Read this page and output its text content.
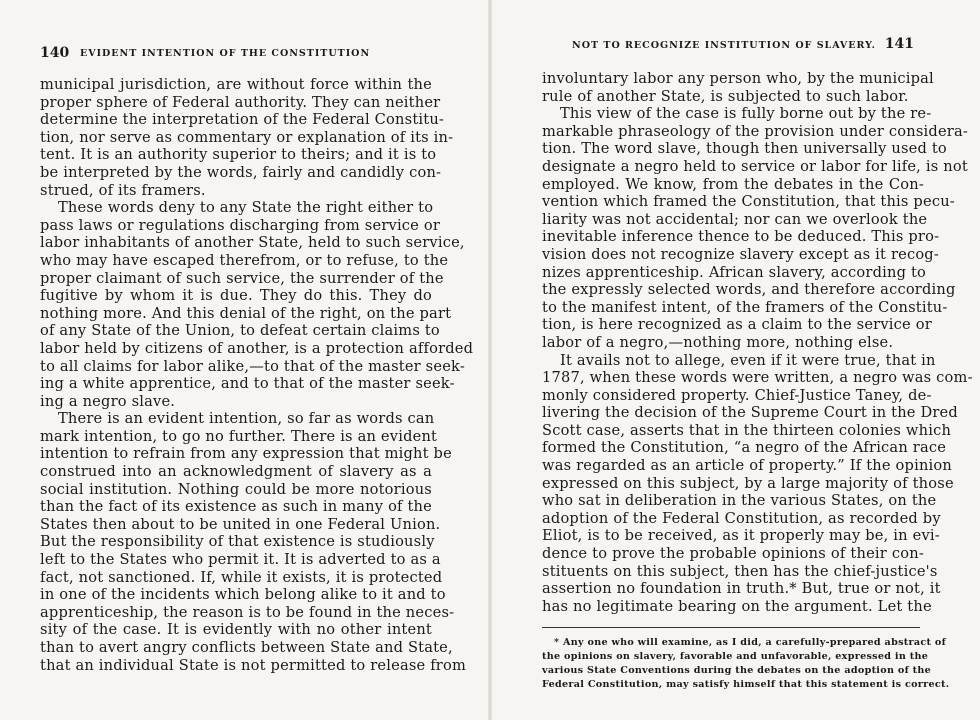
140 EVIDENT INTENTION OF THE CONSTITUTION
municipal jurisdiction, are without force within the
proper sphere of Federal authority. They can neither
determine the interpretation of the Federal Constitu-
tion, nor serve as commentary or explanation of its in-
tent. It is an authority superior to theirs; and it is to
be interpreted by the words, fairly and candidly con-
strued, of its framers.
These words deny to any State the right either to
pass laws or regulations discharging from service or
labor inhabitants of another State, held to such service,
who may have escaped therefrom, or to refuse, to the
proper claimant of such service, the surrender of the
fugitive by whom it is due. They do this. They do
nothing more. And this denial of the right, on the part
of any State of the Union, to defeat certain claims to
labor held by citizens of another, is a protection afforded
to all claims for labor alike,—to that of the master seek-
ing a white apprentice, and to that of the master seek-
ing a negro slave.
There is an evident intention, so far as words can
mark intention, to go no further. There is an evident
intention to refrain from any expression that might be
construed into an acknowledgment of slavery as a
social institution. Nothing could be more notorious
than the fact of its existence as such in many of the
States then about to be united in one Federal Union.
But the responsibility of that existence is studiously
left to the States who permit it. It is adverted to as a
fact, not sanctioned. If, while it exists, it is protected
in one of the incidents which belong alike to it and to
apprenticeship, the reason is to be found in the neces-
sity of the case. It is evidently with no other intent
than to avert angry conflicts between State and State,
that an individual State is not permitted to release from
NOT TO RECOGNIZE INSTITUTION OF SLAVERY. 141
involuntary labor any person who, by the municipal
rule of another State, is subjected to such labor.
This view of the case is fully borne out by the re-
markable phraseology of the provision under considera-
tion. The word slave, though then universally used to
designate a negro held to service or labor for life, is not
employed. We know, from the debates in the Con-
vention which framed the Constitution, that this pecu-
liarity was not accidental; nor can we overlook the
inevitable inference thence to be deduced. This pro-
vision does not recognize slavery except as it recog-
nizes apprenticeship. African slavery, according to
the expressly selected words, and therefore according
to the manifest intent, of the framers of the Constitu-
tion, is here recognized as a claim to the service or
labor of a negro,—nothing more, nothing else.
It avails not to allege, even if it were true, that in
1787, when these words were written, a negro was com-
monly considered property. Chief-Justice Taney, de-
livering the decision of the Supreme Court in the Dred
Scott case, asserts that in the thirteen colonies which
formed the Constitution, “a negro of the African race
was regarded as an article of property.” If the opinion
expressed on this subject, by a large majority of those
who sat in deliberation in the various States, on the
adoption of the Federal Constitution, as recorded by
Eliot, is to be received, as it properly may be, in evi-
dence to prove the probable opinions of their con-
stituents on this subject, then has the chief-justice's
assertion no foundation in truth.* But, true or not, it
has no legitimate bearing on the argument. Let the
* Any one who will examine, as I did, a carefully-prepared abstract of
the opinions on slavery, favorable and unfavorable, expressed in the
various State Conventions during the debates on the adoption of the
Federal Constitution, may satisfy himself that this statement is correct.
